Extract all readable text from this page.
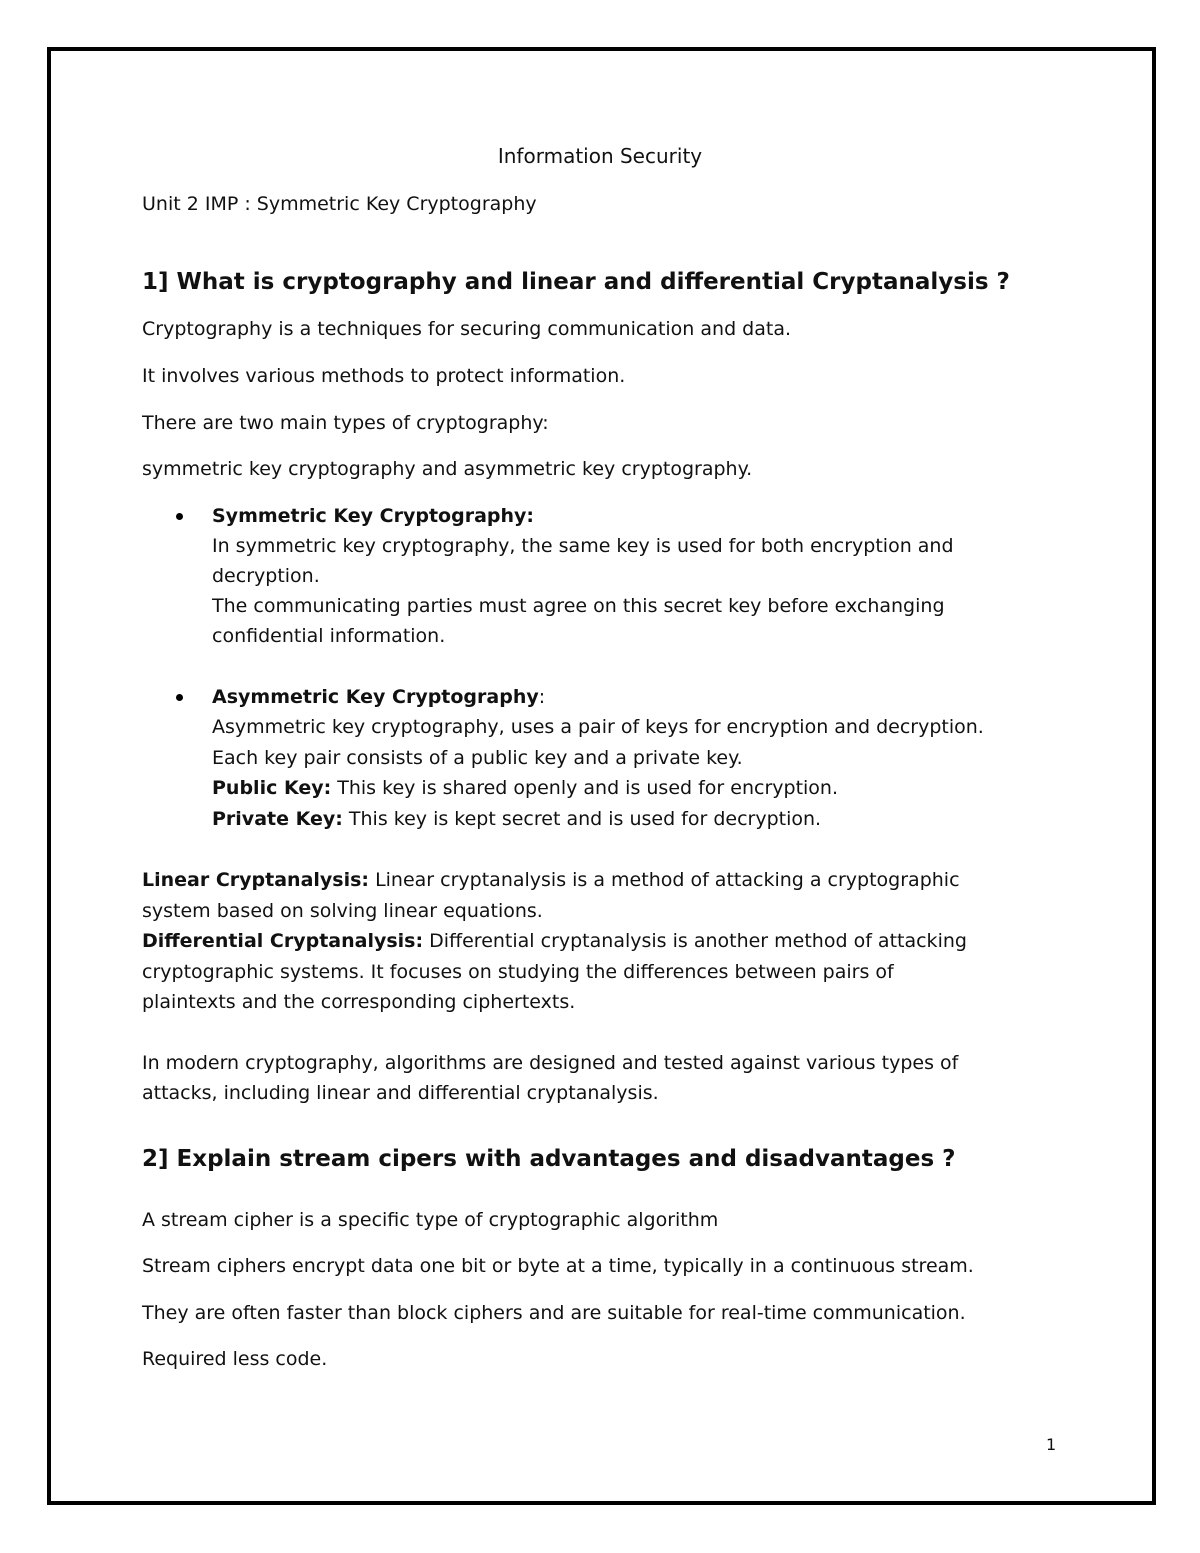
Information Security
Unit 2 IMP : Symmetric Key Cryptography
1] What is cryptography and linear and differential Cryptanalysis ?
Cryptography is a techniques for securing communication and data.
It involves various methods to protect information.
There are two main types of cryptography:
symmetric key cryptography and asymmetric key cryptography.
Symmetric Key Cryptography:
In symmetric key cryptography, the same key is used for both encryption and
decryption.
The communicating parties must agree on this secret key before exchanging
confidential information.
Asymmetric Key Cryptography:
Asymmetric key cryptography, uses a pair of keys for encryption and decryption.
Each key pair consists of a public key and a private key.
Public Key: This key is shared openly and is used for encryption.
Private Key: This key is kept secret and is used for decryption.
Linear Cryptanalysis: Linear cryptanalysis is a method of attacking a cryptographic
system based on solving linear equations.
Differential Cryptanalysis: Differential cryptanalysis is another method of attacking
cryptographic systems. It focuses on studying the differences between pairs of
plaintexts and the corresponding ciphertexts.
In modern cryptography, algorithms are designed and tested against various types of
attacks, including linear and differential cryptanalysis.
2] Explain stream cipers with advantages and disadvantages ?
A stream cipher is a specific type of cryptographic algorithm
Stream ciphers encrypt data one bit or byte at a time, typically in a continuous stream.
They are often faster than block ciphers and are suitable for real-time communication.
Required less code.
1
